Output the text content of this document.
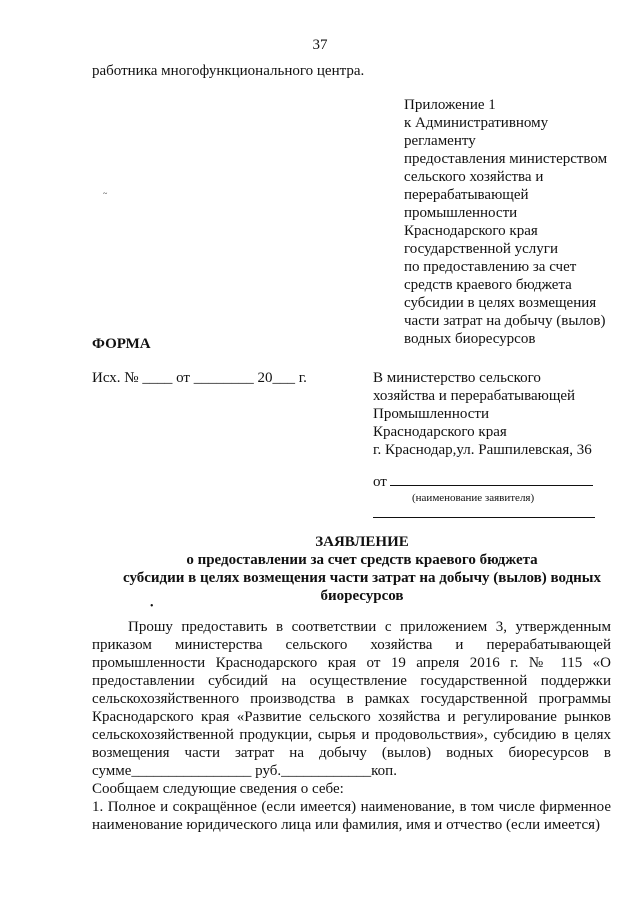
37
работника многофункционального центра.
Приложение 1
к Административному
регламенту
предоставления министерством
сельского хозяйства и
перерабатывающей
промышленности
Краснодарского края
государственной услуги
по предоставлению за счет
средств краевого бюджета
субсидии в целях возмещения
части затрат на добычу (вылов)
водных биоресурсов
~
ФОРМА
Исх. № ____ от ________ 20___ г.	В министерство сельского
хозяйства и перерабатывающей
Промышленности
Краснодарского края
г. Краснодар,ул. Рашпилевская, 36
от
(наименование заявителя)
ЗАЯВЛЕНИЕ
о предоставлении за счет средств краевого бюджета
субсидии в целях возмещения части затрат на добычу (вылов) водных
биоресурсов
•
Прошу предоставить в соответствии с приложением 3, утвержденным приказом министерства сельского хозяйства и перерабатывающей промышленности Краснодарского края от 19 апреля 2016 г. № 115 «О предоставлении субсидий на осуществление государственной поддержки сельскохозяйственного производства в рамках государственной программы Краснодарского края «Развитие сельского хозяйства и регулирование рынков сельскохозяйственной продукции, сырья и продовольствия», субсидию в целях возмещения части затрат на добычу (вылов) водных биоресурсов в сумме________________ руб.____________коп.
Сообщаем следующие сведения о себе:
1. Полное и сокращённое (если имеется) наименование, в том числе фирменное наименование юридического лица или фамилия, имя и отчество (если имеется)
